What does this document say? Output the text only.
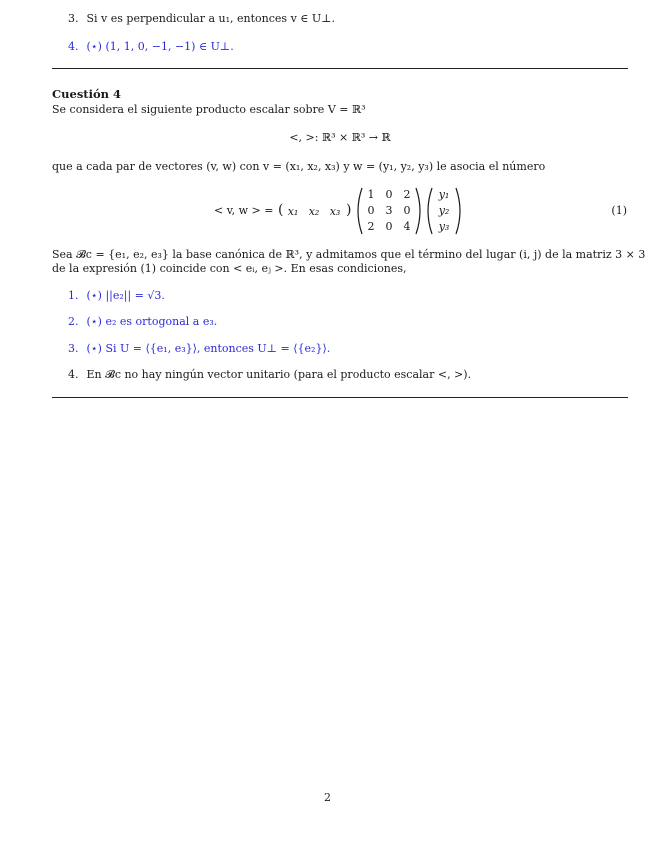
3. Si v es perpendicular a u₁, entonces v ∈ U⊥.
4. (⋆) (1, 1, 0, −1, −1) ∈ U⊥.
Cuestión 4
Se considera el siguiente producto escalar sobre V = ℝ³
<, >: ℝ³ × ℝ³ → ℝ
que a cada par de vectores (v, w) con v = (x₁, x₂, x₃) y w = (y₁, y₂, y₃) le asocia el número
< v, w > = ( x₁ x₂ x₃ )
1	0	2
0	3	0
2	0	4
y₁
y₂
y₃
(1)
Sea 𝓑c = {e₁, e₂, e₃} la base canónica de ℝ³, y admitamos que el término del lugar (i, j) de la matriz 3 × 3
de la expresión (1) coincide con < eᵢ, eⱼ >. En esas condiciones,
1. (⋆) ||e₂|| = √3.
2. (⋆) e₂ es ortogonal a e₃.
3. (⋆) Si U = ⟨{e₁, e₃}⟩, entonces U⊥ = ⟨{e₂}⟩.
4. En 𝓑c no hay ningún vector unitario (para el producto escalar <, >).
2
